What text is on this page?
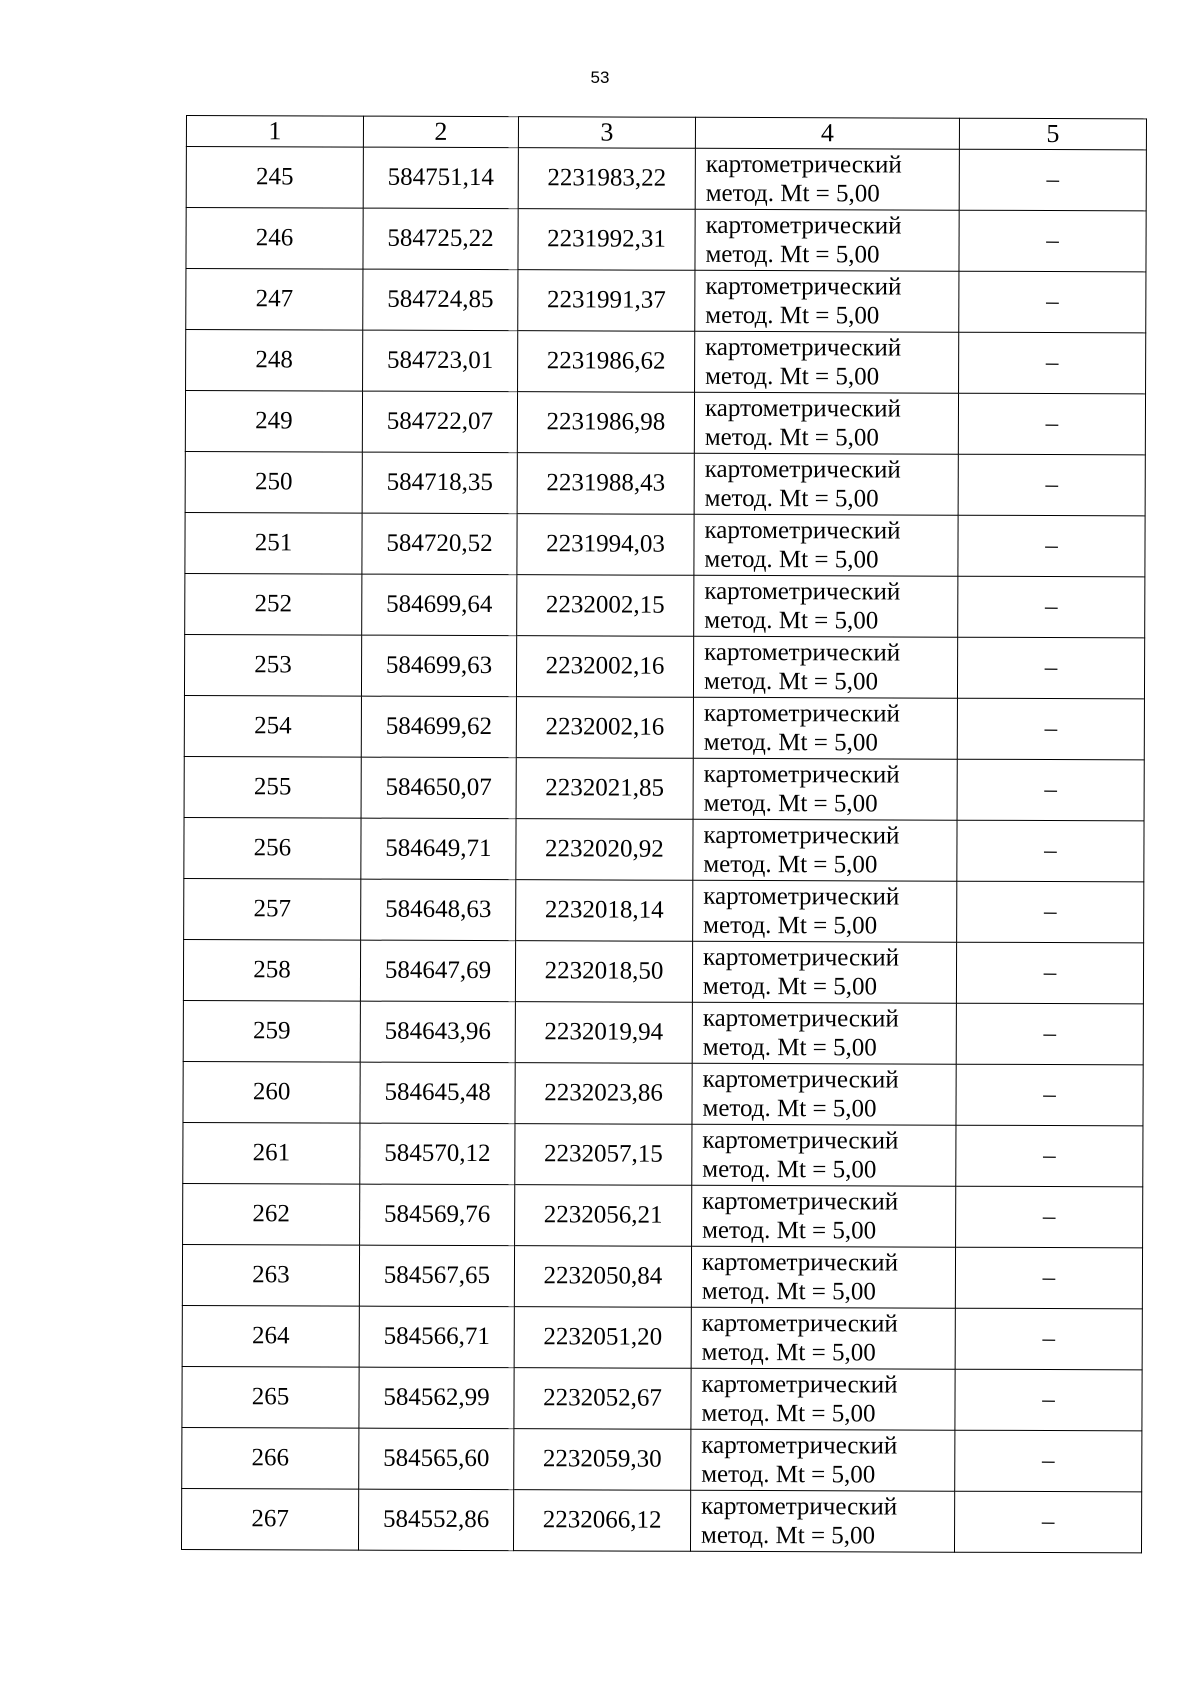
53
1	2	3	4	5
245	584751,14	2231983,22	картометрический
метод. Mt = 5,00	–
246	584725,22	2231992,31	картометрический
метод. Mt = 5,00	–
247	584724,85	2231991,37	картометрический
метод. Mt = 5,00	–
248	584723,01	2231986,62	картометрический
метод. Mt = 5,00	–
249	584722,07	2231986,98	картометрический
метод. Mt = 5,00	–
250	584718,35	2231988,43	картометрический
метод. Mt = 5,00	–
251	584720,52	2231994,03	картометрический
метод. Mt = 5,00	–
252	584699,64	2232002,15	картометрический
метод. Mt = 5,00	–
253	584699,63	2232002,16	картометрический
метод. Mt = 5,00	–
254	584699,62	2232002,16	картометрический
метод. Mt = 5,00	–
255	584650,07	2232021,85	картометрический
метод. Mt = 5,00	–
256	584649,71	2232020,92	картометрический
метод. Mt = 5,00	–
257	584648,63	2232018,14	картометрический
метод. Mt = 5,00	–
258	584647,69	2232018,50	картометрический
метод. Mt = 5,00	–
259	584643,96	2232019,94	картометрический
метод. Mt = 5,00	–
260	584645,48	2232023,86	картометрический
метод. Mt = 5,00	–
261	584570,12	2232057,15	картометрический
метод. Mt = 5,00	–
262	584569,76	2232056,21	картометрический
метод. Mt = 5,00	–
263	584567,65	2232050,84	картометрический
метод. Mt = 5,00	–
264	584566,71	2232051,20	картометрический
метод. Mt = 5,00	–
265	584562,99	2232052,67	картометрический
метод. Mt = 5,00	–
266	584565,60	2232059,30	картометрический
метод. Mt = 5,00	–
267	584552,86	2232066,12	картометрический
метод. Mt = 5,00	–
